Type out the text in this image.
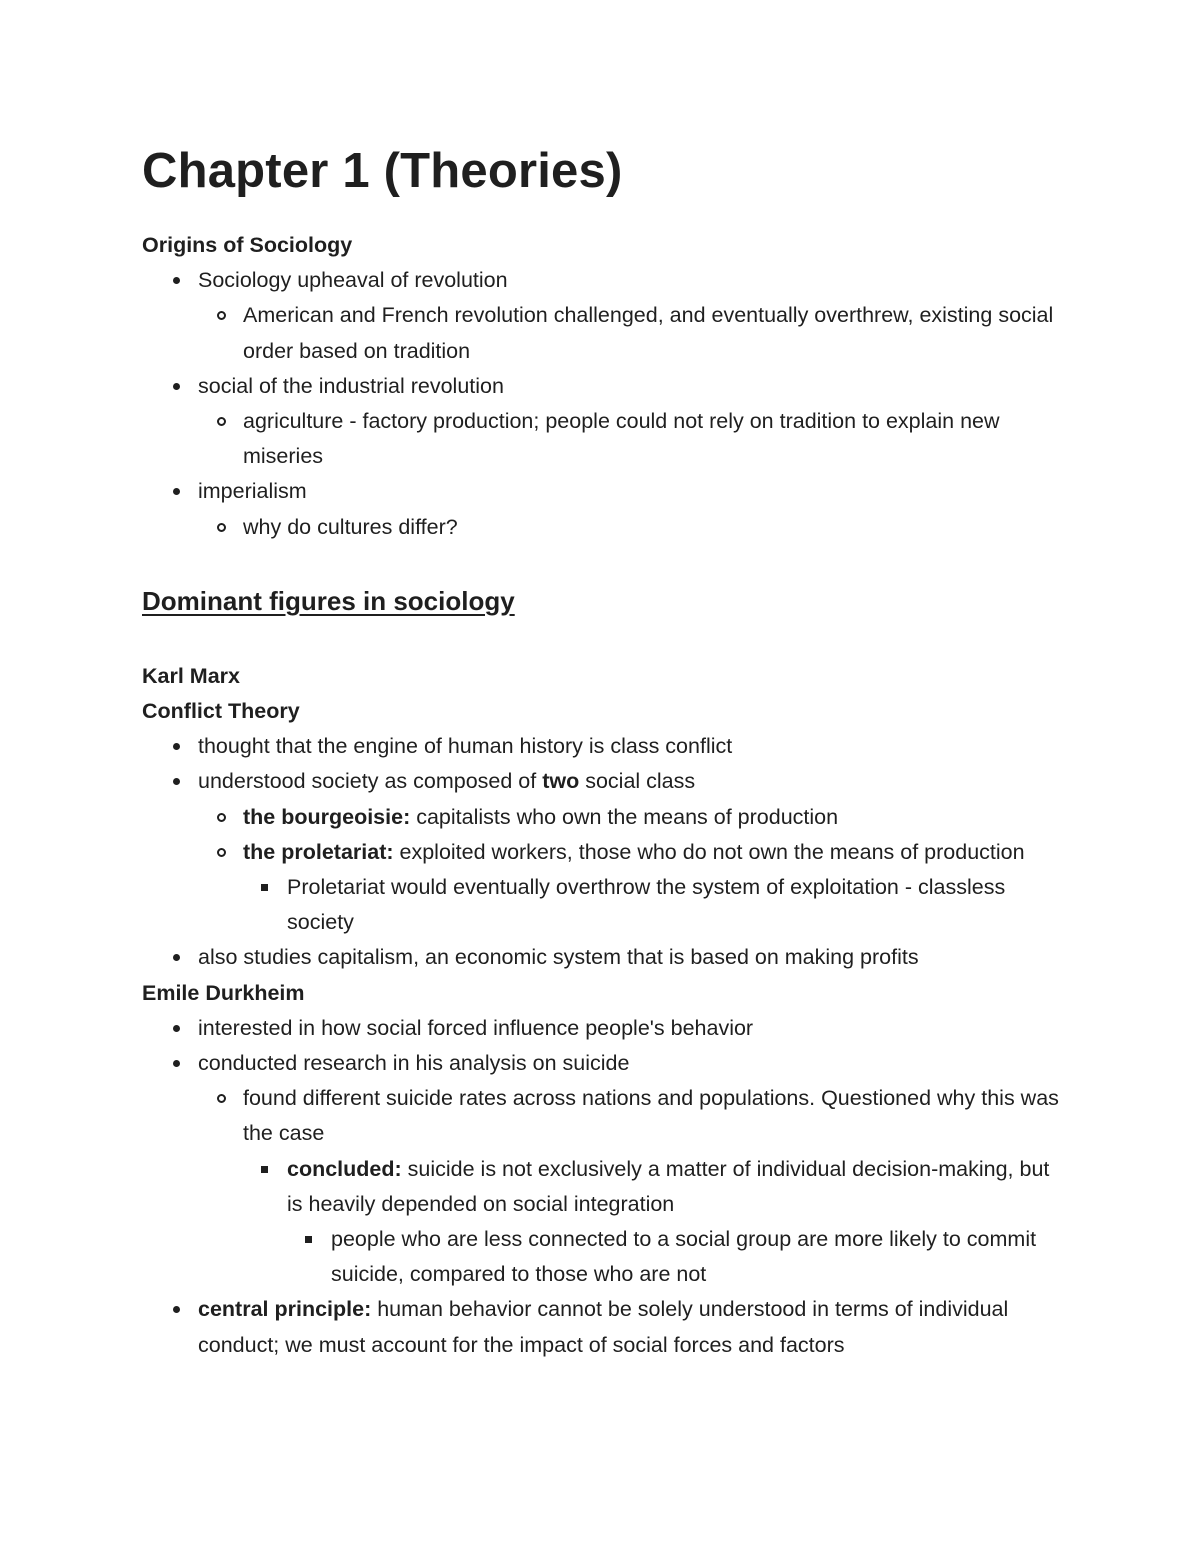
Chapter 1 (Theories)
Origins of Sociology
Sociology upheaval of revolution
American and French revolution challenged, and eventually overthrew, existing social order based on tradition
social of the industrial revolution
agriculture - factory production; people could not rely on tradition to explain new miseries
imperialism
why do cultures differ?
Dominant figures in sociology
Karl Marx
Conflict Theory
thought that the engine of human history is class conflict
understood society as composed of two social class
the bourgeoisie: capitalists who own the means of production
the proletariat: exploited workers, those who do not own the means of production
Proletariat would eventually overthrow the system of exploitation - classless society
also studies capitalism, an economic system that is based on making profits
Emile Durkheim
interested in how social forced influence people's behavior
conducted research in his analysis on suicide
found different suicide rates across nations and populations. Questioned why this was the case
concluded: suicide is not exclusively a matter of individual decision-making, but is heavily depended on social integration
people who are less connected to a social group are more likely to commit suicide, compared to those who are not
central principle: human behavior cannot be solely understood in terms of individual conduct; we must account for the impact of social forces and factors
